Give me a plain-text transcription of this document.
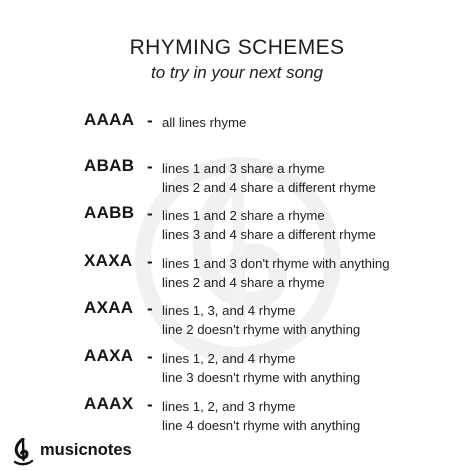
RHYMING SCHEMES
to try in your next song
AAAA - all lines rhyme
ABAB - lines 1 and 3 share a rhyme
lines 2 and 4 share a different rhyme
AABB - lines 1 and 2 share a rhyme
lines 3 and 4 share a different rhyme
XAXA - lines 1 and 3 don't rhyme with anything
lines 2 and 4 share a rhyme
AXAA - lines 1, 3, and 4 rhyme
line 2 doesn't rhyme with anything
AAXA - lines 1, 2, and 4 rhyme
line 3 doesn't rhyme with anything
AAAX - lines 1, 2, and 3 rhyme
line 4 doesn't rhyme with anything
musicnotes
